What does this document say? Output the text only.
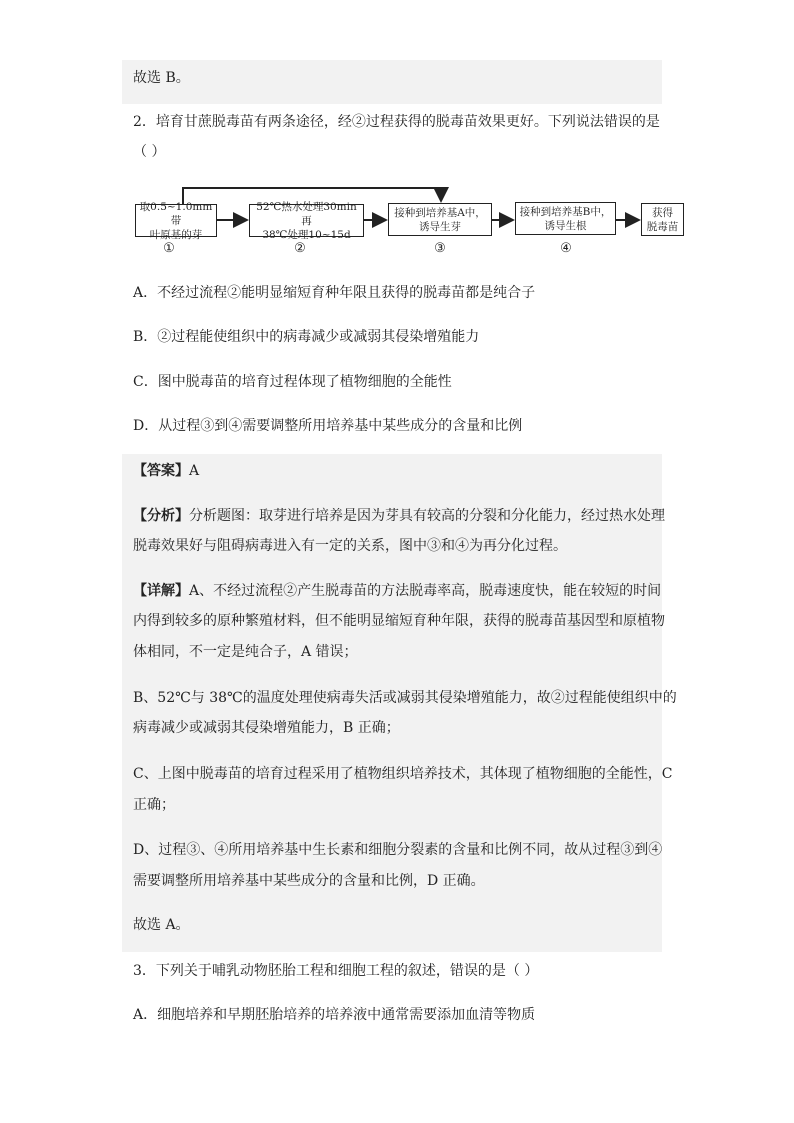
故选 B。
2．培育甘蔗脱毒苗有两条途径，经②过程获得的脱毒苗效果更好。下列说法错误的是
（ ）
取0.5~1.0mm带
叶原基的芽
52℃热水处理30min再
38℃处理10~15d
接种到培养基A中，
诱导生芽
接种到培养基B中，
诱导生根
获得
脱毒苗
①	②	③	④
A．不经过流程②能明显缩短育种年限且获得的脱毒苗都是纯合子
B．②过程能使组织中的病毒减少或减弱其侵染增殖能力
C．图中脱毒苗的培育过程体现了植物细胞的全能性
D．从过程③到④需要调整所用培养基中某些成分的含量和比例
【答案】A
【分析】分析题图：取芽进行培养是因为芽具有较高的分裂和分化能力，经过热水处理
脱毒效果好与阻碍病毒进入有一定的关系，图中③和④为再分化过程。
【详解】A、不经过流程②产生脱毒苗的方法脱毒率高，脱毒速度快，能在较短的时间
内得到较多的原种繁殖材料，但不能明显缩短育种年限，获得的脱毒苗基因型和原植物
体相同，不一定是纯合子，A 错误；
B、52℃与 38℃的温度处理使病毒失活或减弱其侵染增殖能力，故②过程能使组织中的
病毒减少或减弱其侵染增殖能力，B 正确；
C、上图中脱毒苗的培育过程采用了植物组织培养技术，其体现了植物细胞的全能性，C
正确；
D、过程③、④所用培养基中生长素和细胞分裂素的含量和比例不同，故从过程③到④
需要调整所用培养基中某些成分的含量和比例，D 正确。
故选 A。
3．下列关于哺乳动物胚胎工程和细胞工程的叙述，错误的是（ ）
A．细胞培养和早期胚胎培养的培养液中通常需要添加血清等物质
